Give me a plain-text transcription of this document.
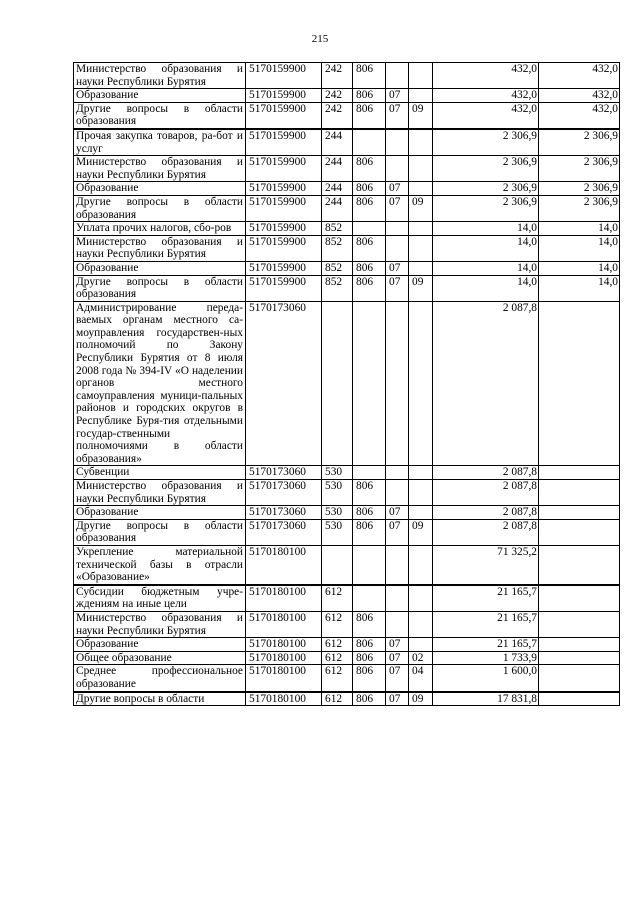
215
Министерство образования и науки Республики Бурятия	5170159900	242	806			432,0	432,0
Образование	5170159900	242	806	07		432,0	432,0
Другие вопросы в области образования	5170159900	242	806	07	09	432,0	432,0
Прочая закупка товаров, ра-бот и услуг	5170159900	244				2 306,9	2 306,9
Министерство образования и науки Республики Бурятия	5170159900	244	806			2 306,9	2 306,9
Образование	5170159900	244	806	07		2 306,9	2 306,9
Другие вопросы в области образования	5170159900	244	806	07	09	2 306,9	2 306,9
Уплата прочих налогов, сбо-ров	5170159900	852				14,0	14,0
Министерство образования и науки Республики Бурятия	5170159900	852	806			14,0	14,0
Образование	5170159900	852	806	07		14,0	14,0
Другие вопросы в области образования	5170159900	852	806	07	09	14,0	14,0
Администрирование переда-ваемых органам местного са-моуправления государствен-ных полномочий по Закону Республики Бурятия от 8 июля 2008 года № 394-IV «О наделении органов местного самоуправления муници-пальных районов и городских округов в Республике Буря-тия отдельными государ-ственными полномочиями в области образования»	5170173060					2 087,8	
Субвенции	5170173060	530				2 087,8	
Министерство образования и науки Республики Бурятия	5170173060	530	806			2 087,8	
Образование	5170173060	530	806	07		2 087,8	
Другие вопросы в области образования	5170173060	530	806	07	09	2 087,8	
Укрепление материальной технической базы в отрасли «Образование»	5170180100					71 325,2	
Субсидии бюджетным учре-ждениям на иные цели	5170180100	612				21 165,7	
Министерство образования и науки Республики Бурятия	5170180100	612	806			21 165,7	
Образование	5170180100	612	806	07		21 165,7	
Общее образование	5170180100	612	806	07	02	1 733,9	
Среднее профессиональное образование	5170180100	612	806	07	04	1 600,0	
Другие вопросы в области	5170180100	612	806	07	09	17 831,8	
